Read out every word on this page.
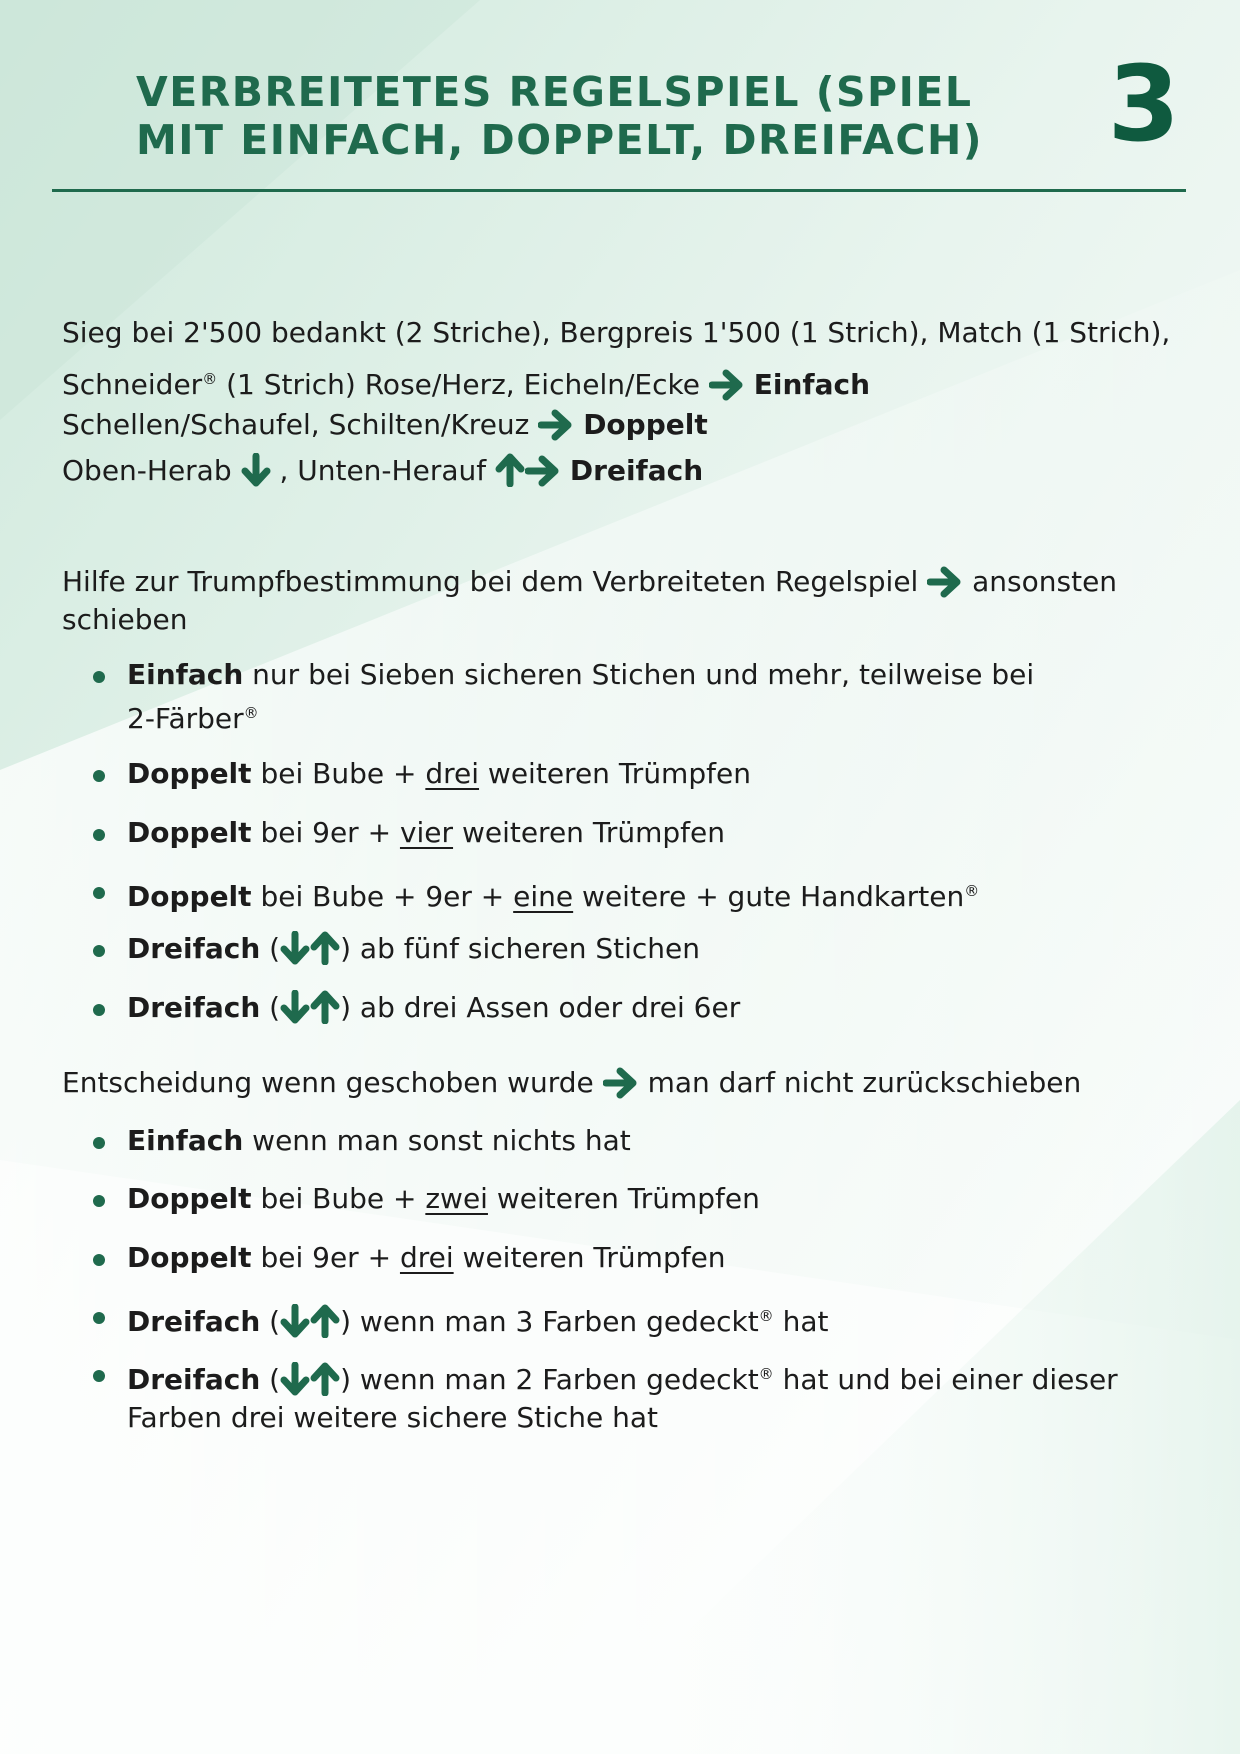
VERBREITETES REGELSPIEL (SPIEL MIT EINFACH, DOPPELT, DREIFACH)	3
Sieg bei 2'500 bedankt (2 Striche), Bergpreis 1'500 (1 Strich), Match (1 Strich),
Schneider® (1 Strich) Rose/Herz, Eicheln/Ecke Einfach
Schellen/Schaufel, Schilten/Kreuz Doppelt
Oben-Herab , Unten-Herauf	Dreifach
Hilfe zur Trumpfbestimmung bei dem Verbreiteten Regelspiel ansonsten
schieben
Einfach nur bei Sieben sicheren Stichen und mehr, teilweise bei
2-Färber®
Doppelt bei Bube + drei weiteren Trümpfen
Doppelt bei 9er + vier weiteren Trümpfen
Doppelt bei Bube + 9er + eine weitere + gute Handkarten®
Dreifach ( ) ab fünf sicheren Stichen
Dreifach ( ) ab drei Assen oder drei 6er
Entscheidung wenn geschoben wurde man darf nicht zurückschieben
Einfach wenn man sonst nichts hat
Doppelt bei Bube + zwei weiteren Trümpfen
Doppelt bei 9er + drei weiteren Trümpfen
Dreifach ( ) wenn man 3 Farben gedeckt® hat
Dreifach ( ) wenn man 2 Farben gedeckt® hat und bei einer dieser
Farben drei weitere sichere Stiche hat
